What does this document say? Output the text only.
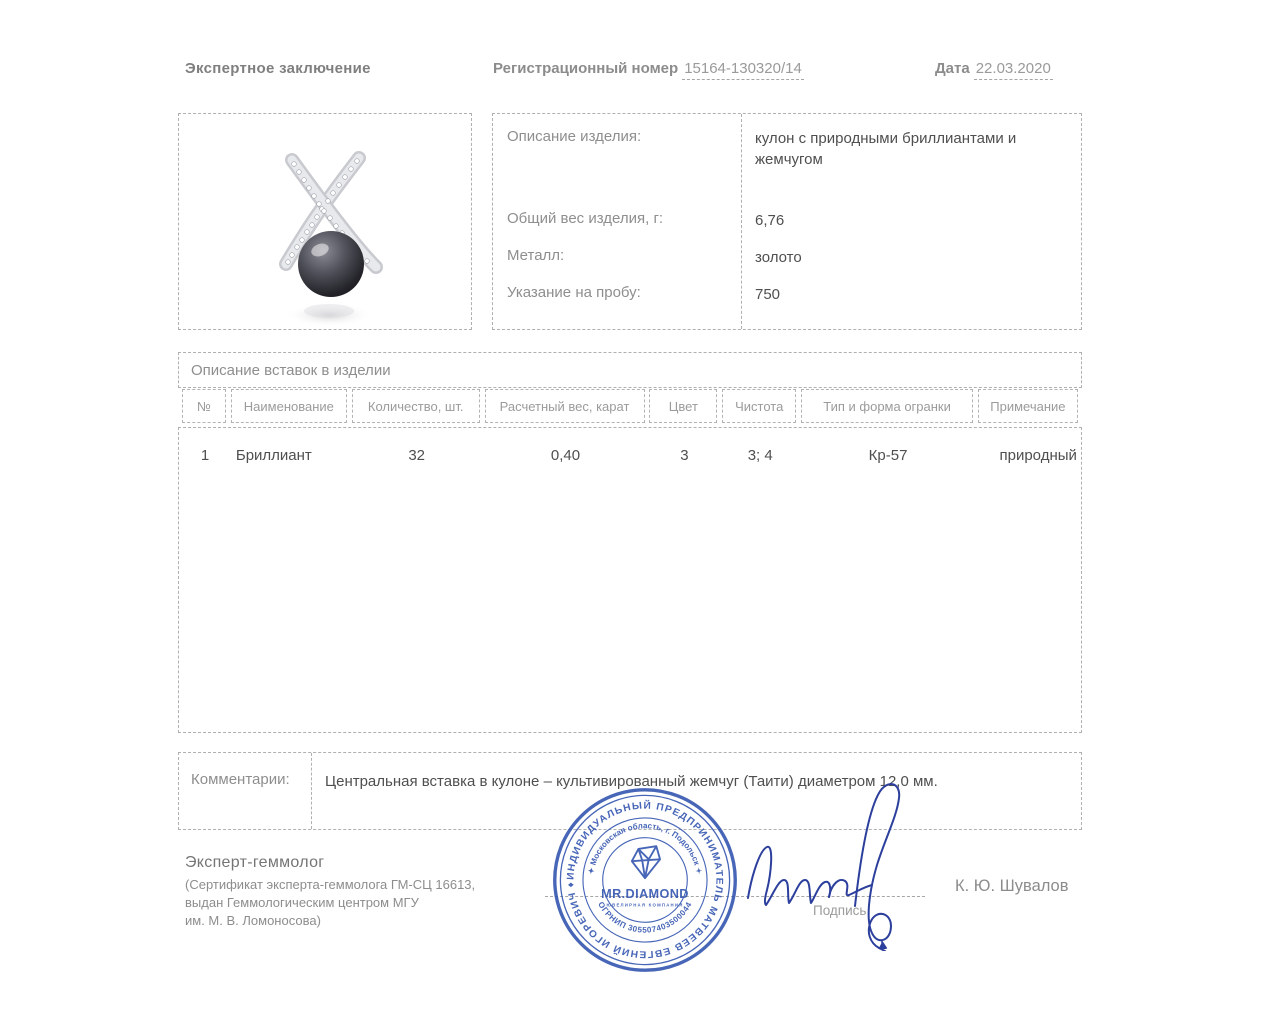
Экспертное заключение	Регистрационный номер 15164-130320/14	Дата 22.03.2020
Описание изделия:	кулон с природными бриллиантами и жемчугом
Общий вес изделия, г:	6,76
Металл:	золото
Указание на пробу:	750
Описание вставок в изделии
№	Наименование	Количество, шт.	Расчетный вес, карат	Цвет	Чистота	Тип и форма огранки	Примечание
1	Бриллиант	32	0,40	3	3; 4	Кр-57	природный
Комментарии: Центральная вставка в кулоне – культивированный жемчуг (Таити) диаметром 12,0 мм.
Эксперт-геммолог
(Сертификат эксперта-геммолога ГМ-СЦ 16613,
выдан Геммологическим центром МГУ
им. М. В. Ломоносова)
Подпись
К. Ю. Шувалов
ИНДИВИДУАЛЬНЫЙ ПРЕДПРИНИМАТЕЛЬ МАТВЕЕВ ЕВГЕНИЙ ИГОРЕВИЧ ♦
✦ Московская область, г. Подольск ✦
ОГРНИП 305507403500044
MR.DIAMOND
ЮВЕЛИРНАЯ КОМПАНИЯ
